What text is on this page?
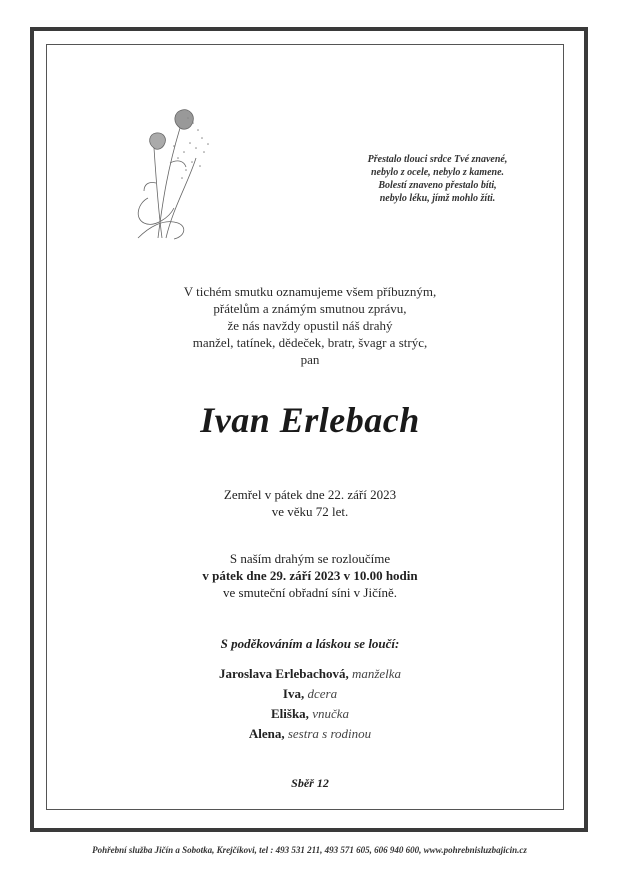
Přestalo tlouci srdce Tvé znavené,
nebylo z ocele, nebylo z kamene.
Bolestí znaveno přestalo bíti,
nebylo léku, jímž mohlo žíti.
V tichém smutku oznamujeme všem příbuzným,
přátelům a známým smutnou zprávu,
že nás navždy opustil náš drahý
manžel, tatínek, dědeček, bratr, švagr a strýc,
pan
Ivan Erlebach
Zemřel v pátek dne 22. září 2023
ve věku 72 let.
S naším drahým se rozloučíme
v pátek dne 29. září 2023 v 10.00 hodin
ve smuteční obřadní síni v Jičíně.
S poděkováním a láskou se loučí:
Jaroslava Erlebachová, manželka
Iva, dcera
Eliška, vnučka
Alena, sestra s rodinou
Sběř 12
Pohřební služba Jičín a Sobotka, Krejčíkovi, tel : 493 531 211, 493 571 605, 606 940 600, www.pohrebnisluzbajicin.cz
